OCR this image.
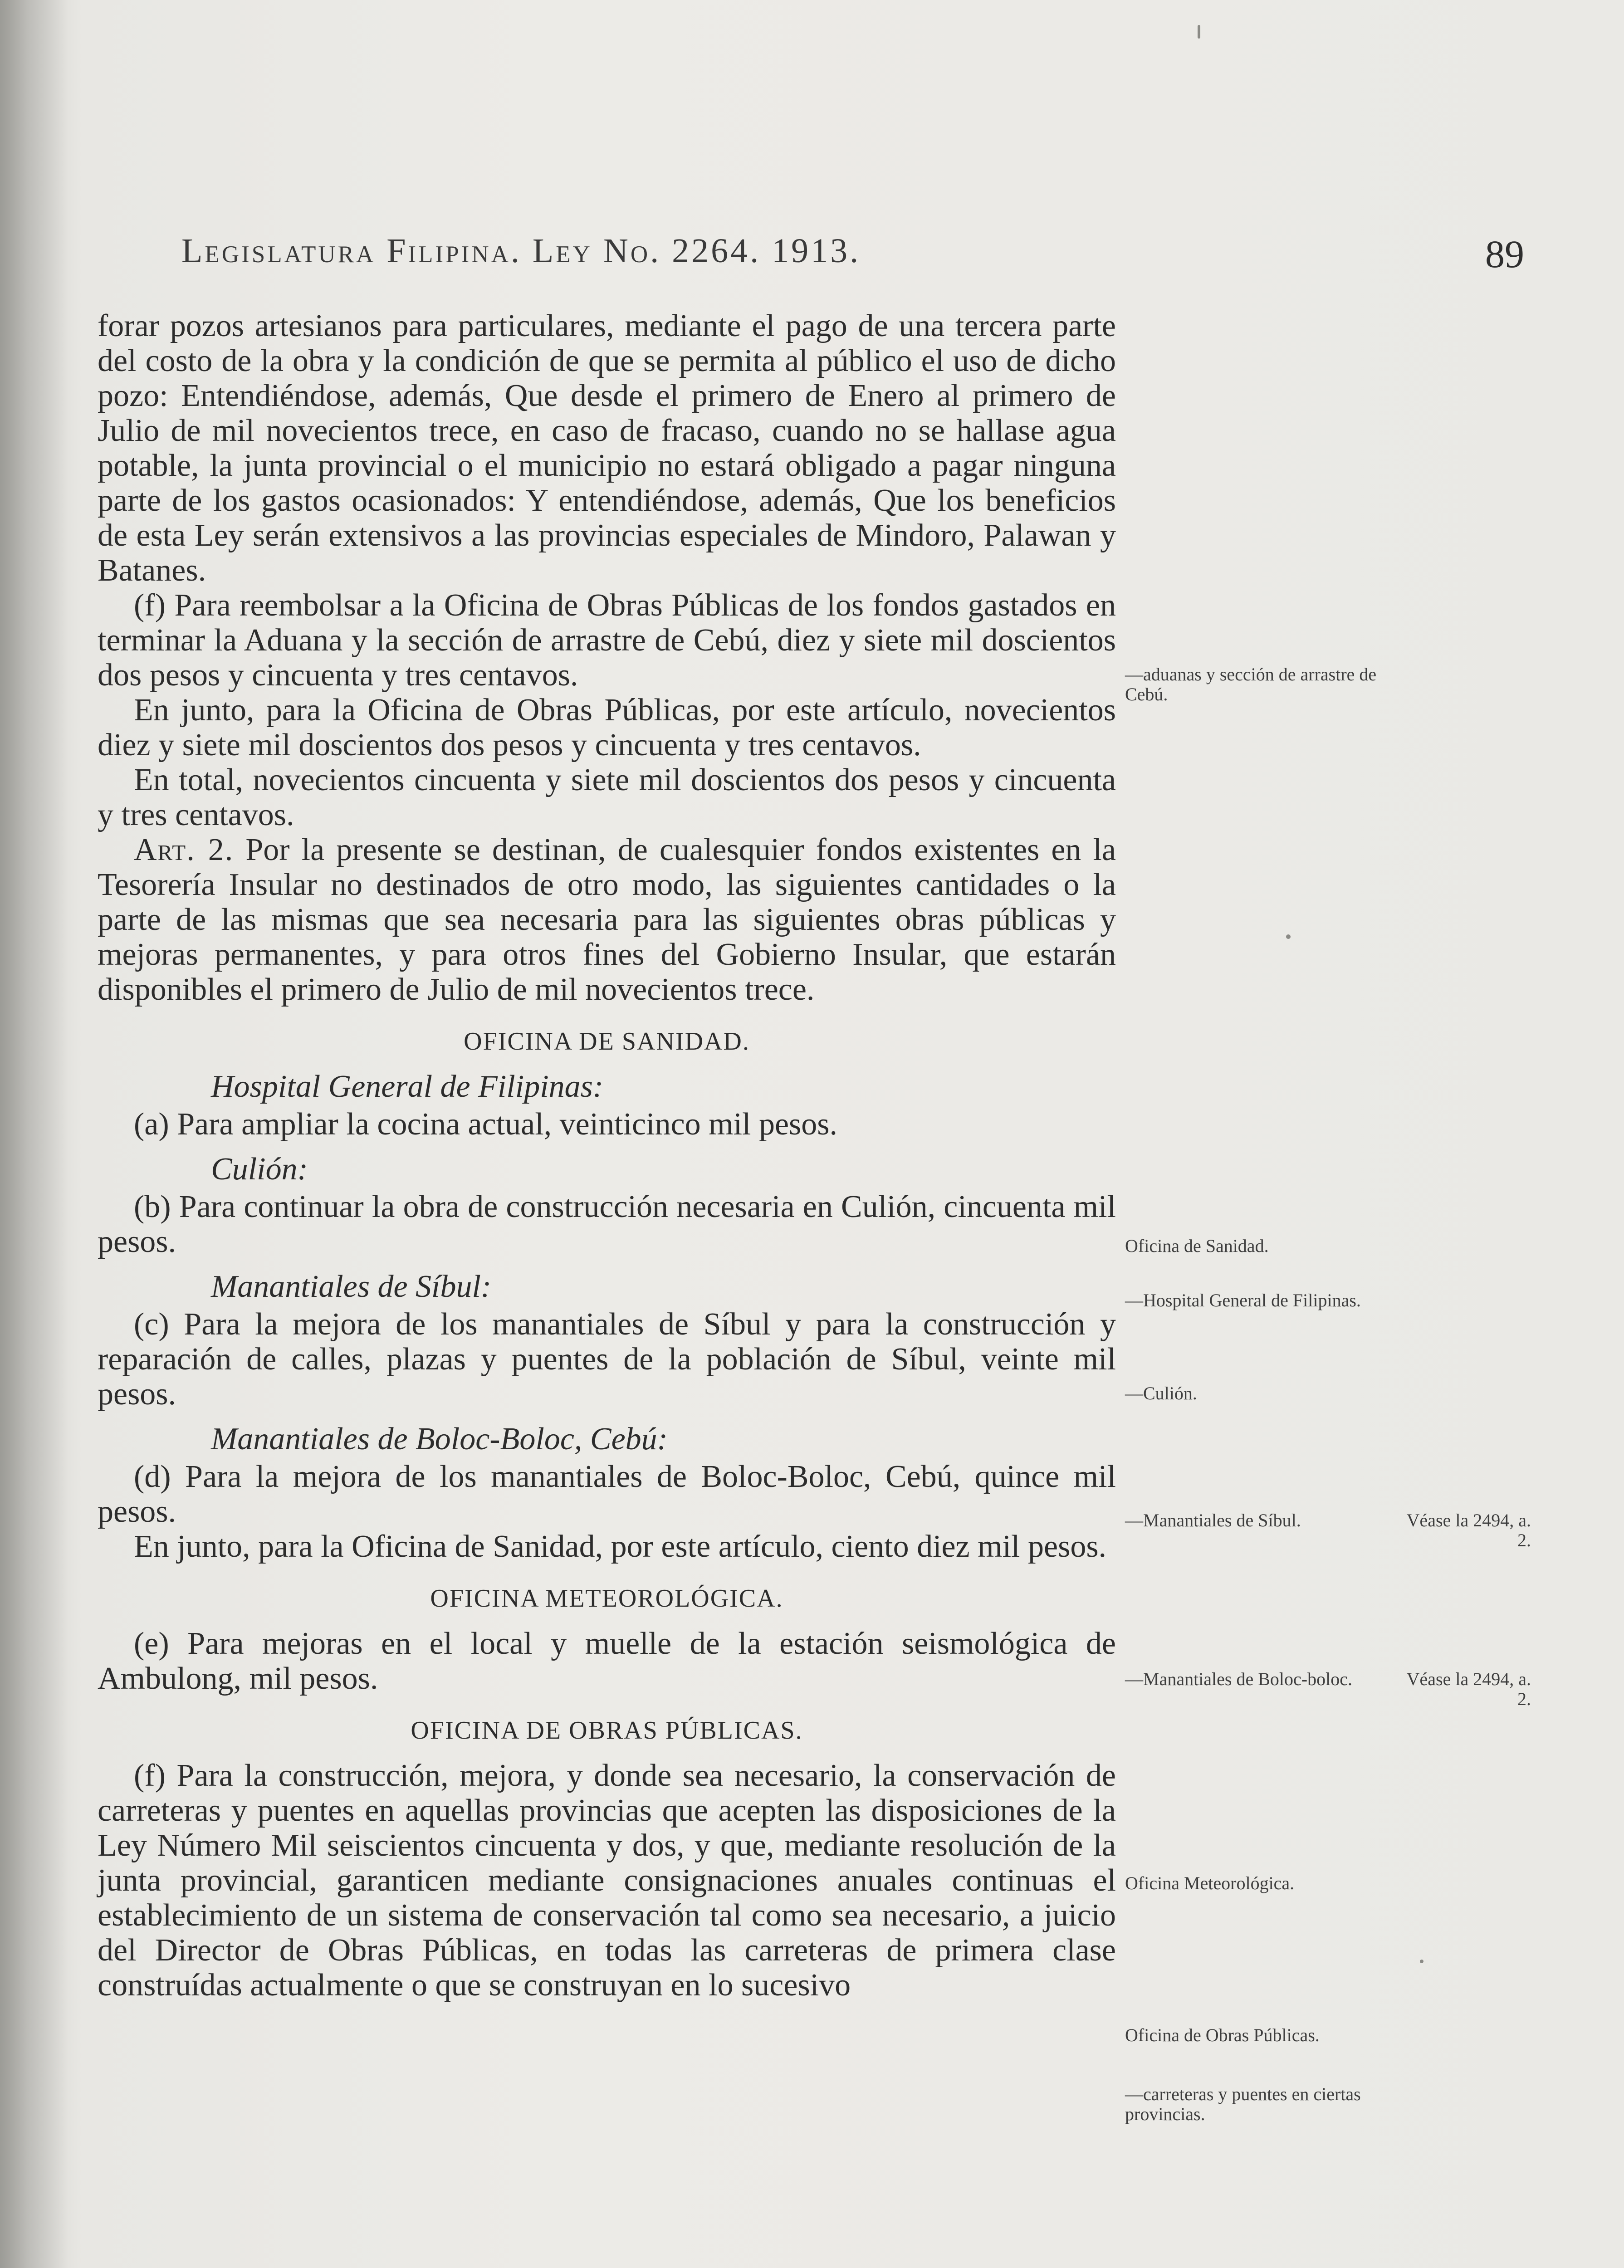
Legislatura Filipina. Ley No. 2264. 1913.	89

forar pozos artesianos para particulares, mediante el pago de una tercera parte del costo de la obra y la condición de que se permita al público el uso de dicho pozo: Entendiéndose, además, Que desde el primero de Enero al primero de Julio de mil novecientos trece, en caso de fracaso, cuando no se hallase agua potable, la junta provincial o el municipio no estará obligado a pagar ninguna parte de los gastos ocasionados: Y entendiéndose, además, Que los beneficios de esta Ley serán extensivos a las provincias especiales de Mindoro, Palawan y Batanes.

(f) Para reembolsar a la Oficina de Obras Públicas de los fondos gastados en terminar la Aduana y la sección de arrastre de Cebú, diez y siete mil doscientos dos pesos y cincuenta y tres centavos.

En junto, para la Oficina de Obras Públicas, por este artículo, novecientos diez y siete mil doscientos dos pesos y cincuenta y tres centavos.

En total, novecientos cincuenta y siete mil doscientos dos pesos y cincuenta y tres centavos.

Art. 2. Por la presente se destinan, de cualesquier fondos existentes en la Tesorería Insular no destinados de otro modo, las siguientes cantidades o la parte de las mismas que sea necesaria para las siguientes obras públicas y mejoras permanentes, y para otros fines del Gobierno Insular, que estarán disponibles el primero de Julio de mil novecientos trece.

OFICINA DE SANIDAD.

Hospital General de Filipinas:

(a) Para ampliar la cocina actual, veinticinco mil pesos.

Culión:

(b) Para continuar la obra de construcción necesaria en Culión, cincuenta mil pesos.

Manantiales de Síbul:

(c) Para la mejora de los manantiales de Síbul y para la construcción y reparación de calles, plazas y puentes de la población de Síbul, veinte mil pesos.

Manantiales de Boloc-Boloc, Cebú:

(d) Para la mejora de los manantiales de Boloc-Boloc, Cebú, quince mil pesos.

En junto, para la Oficina de Sanidad, por este artículo, ciento diez mil pesos.

OFICINA METEOROLÓGICA.

(e) Para mejoras en el local y muelle de la estación seismológica de Ambulong, mil pesos.

OFICINA DE OBRAS PÚBLICAS.

(f) Para la construcción, mejora, y donde sea necesario, la conservación de carreteras y puentes en aquellas provincias que acepten las disposiciones de la Ley Número Mil seiscientos cincuenta y dos, y que, mediante resolución de la junta provincial, garanticen mediante consignaciones anuales continuas el establecimiento de un sistema de conservación tal como sea necesario, a juicio del Director de Obras Públicas, en todas las carreteras de primera clase construídas actualmente o que se construyan en lo sucesivo

—aduanas y sección de arrastre de Cebú.
Oficina de Sanidad.
—Hospital General de Filipinas.
—Culión.
—Manantiales de Síbul.	Véase la 2494, a. 2.
—Manantiales de Boloc-boloc.	Véase la 2494, a. 2.
Oficina Meteorológica.
Oficina de Obras Públicas.
—carreteras y puentes en ciertas provincias.
